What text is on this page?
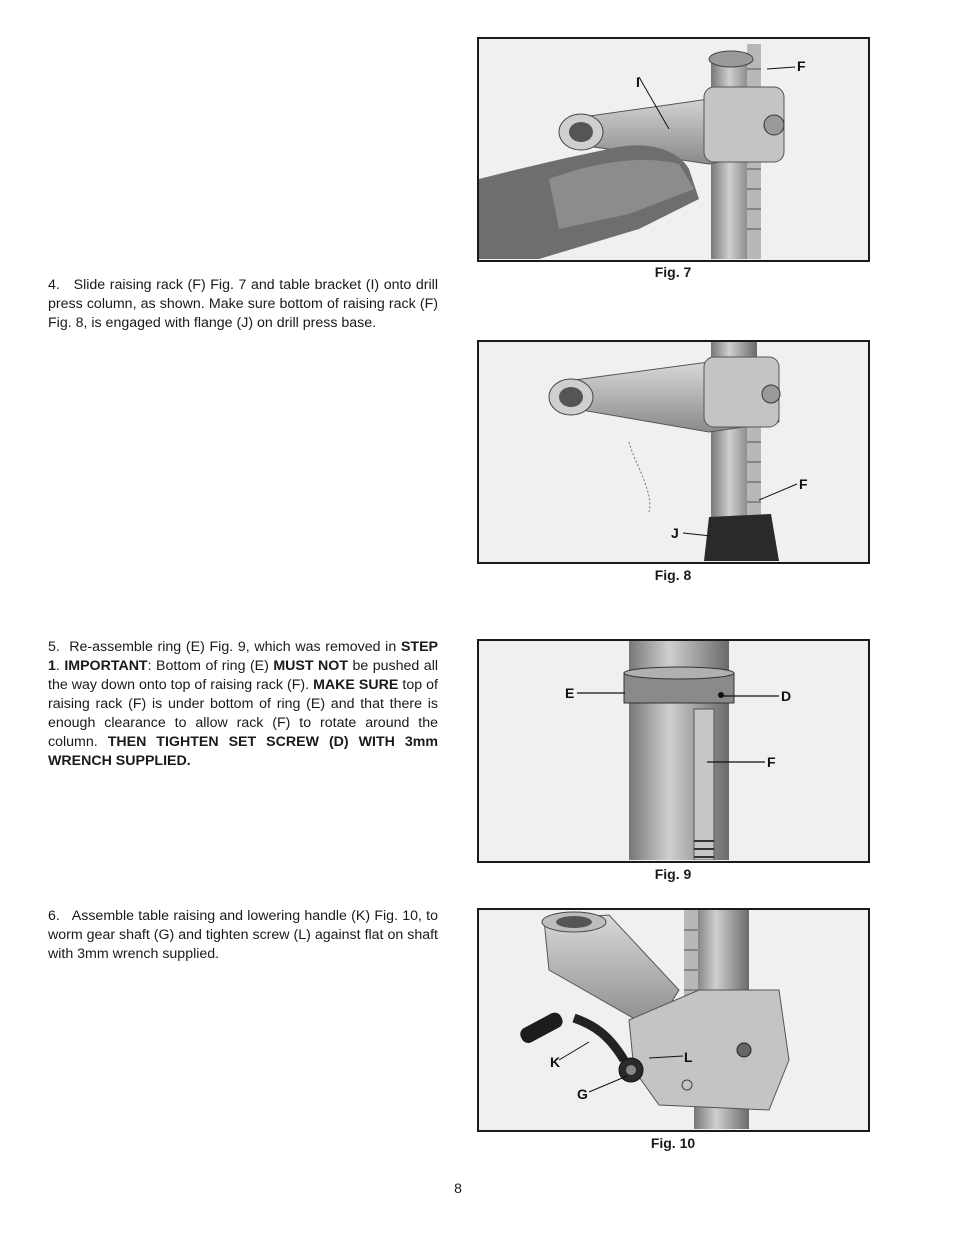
4. Slide raising rack (F) Fig. 7 and table bracket (I) onto drill press column, as shown. Make sure bottom of raising rack (F) Fig. 8, is engaged with flange (J) on drill press base.
5. Re-assemble ring (E) Fig. 9, which was removed in STEP 1. IMPORTANT: Bottom of ring (E) MUST NOT be pushed all the way down onto top of raising rack (F). MAKE SURE top of raising rack (F) is under bottom of ring (E) and that there is enough clearance to allow rack (F) to rotate around the column. THEN TIGHTEN SET SCREW (D) WITH 3mm WRENCH SUPPLIED.
6. Assemble table raising and lowering handle (K) Fig. 10, to worm gear shaft (G) and tighten screw (L) against flat on shaft with 3mm wrench supplied.
I
F
Fig. 7
F
J
Fig. 8
E	D
F
Fig. 9
K	L
G
Fig. 10
8
